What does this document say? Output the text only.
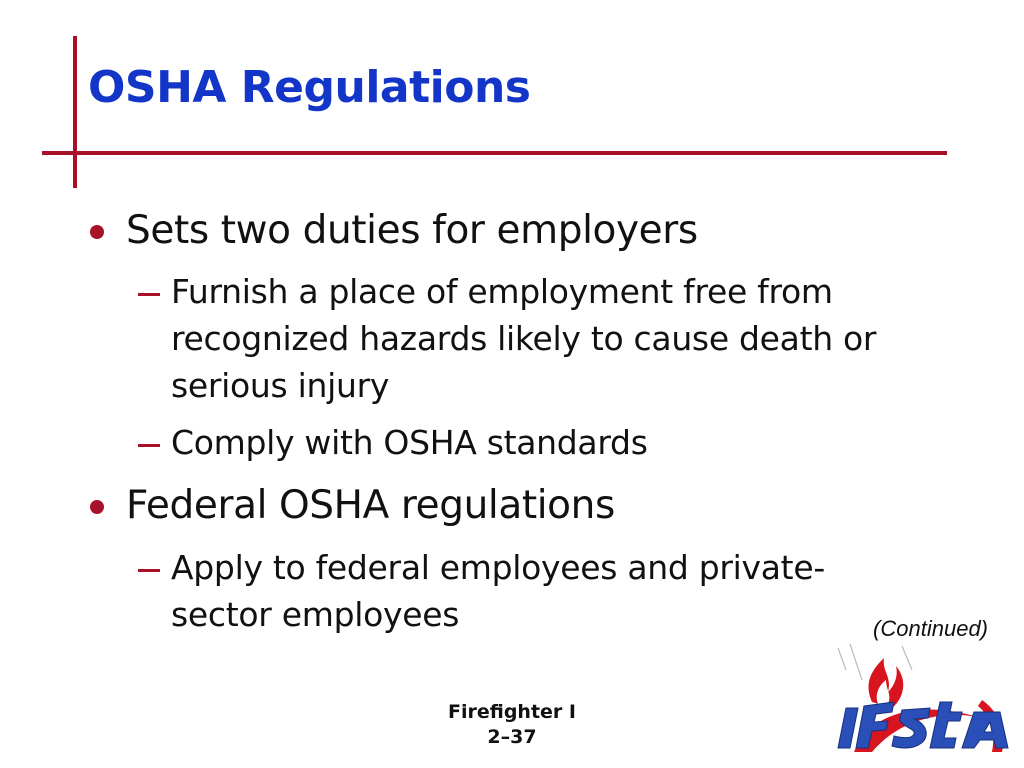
OSHA Regulations
Sets two duties for employers
Furnish a place of employment free from
recognized hazards likely to cause death or
serious injury
Comply with OSHA standards
Federal OSHA regulations
Apply to federal employees and private-
sector employees	(Continued)
Firefighter I
2–37
